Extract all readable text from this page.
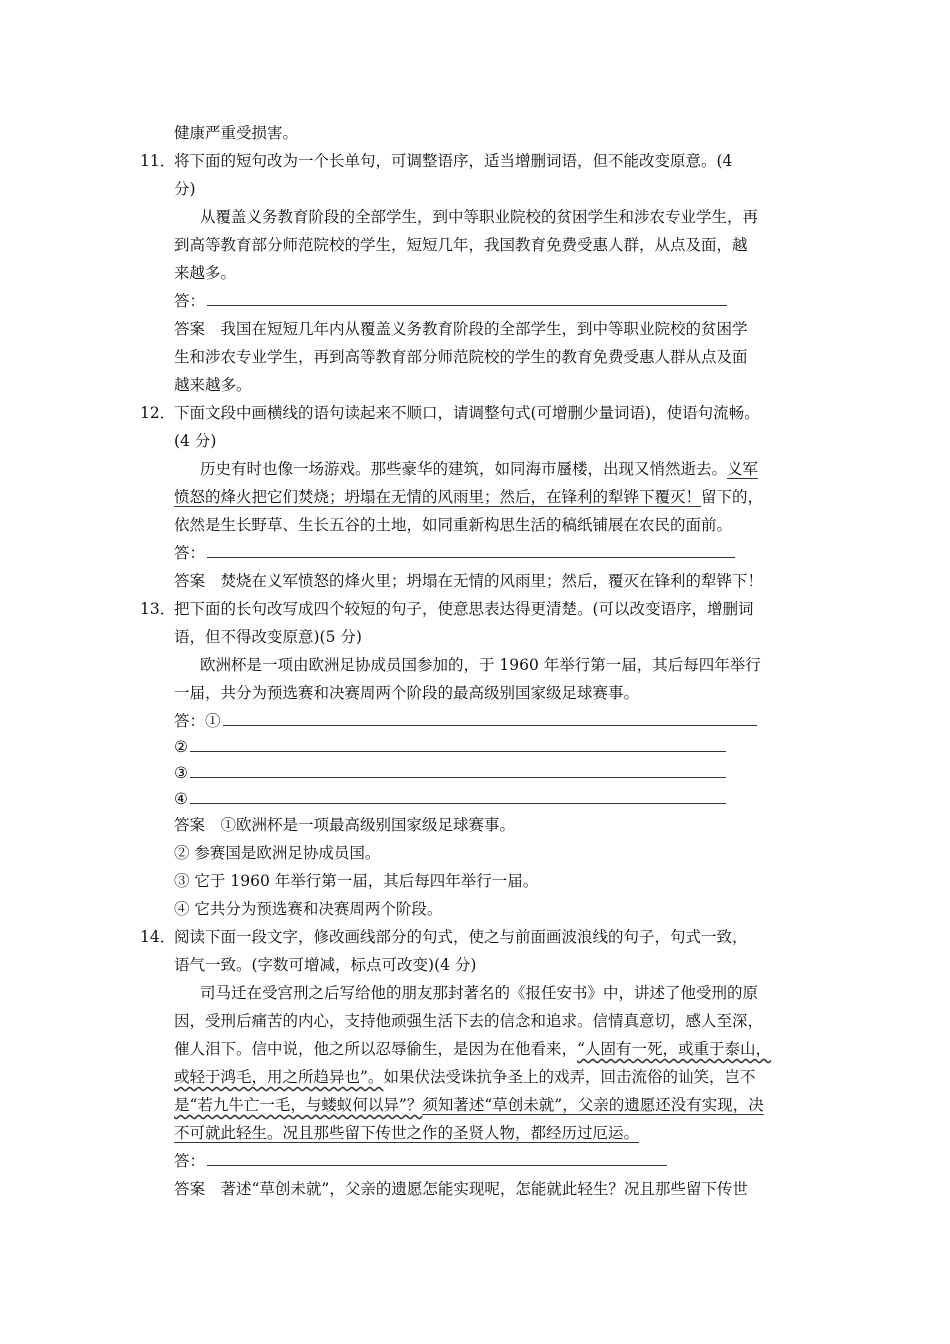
健康严重受损害。
11．
将下面的短句改为一个长单句，可调整语序，适当增删词语，但不能改变原意。(4
分)
从覆盖义务教育阶段的全部学生，到中等职业院校的贫困学生和涉农专业学生，再
到高等教育部分师范院校的学生，短短几年，我国教育免费受惠人群，从点及面，越
来越多。
答：
答案　我国在短短几年内从覆盖义务教育阶段的全部学生，到中等职业院校的贫困学
生和涉农专业学生，再到高等教育部分师范院校的学生的教育免费受惠人群从点及面
越来越多。
12．
下面文段中画横线的语句读起来不顺口，请调整句式(可增删少量词语)，使语句流畅。
(4 分)
历史有时也像一场游戏。那些豪华的建筑，如同海市蜃楼，出现又悄然逝去。义军
愤怒的烽火把它们焚烧；坍塌在无情的风雨里；然后，在锋利的犁铧下覆灭！留下的，
依然是生长野草、生长五谷的土地，如同重新构思生活的稿纸铺展在农民的面前。
答：
答案　焚烧在义军愤怒的烽火里；坍塌在无情的风雨里；然后，覆灭在锋利的犁铧下！
13．
把下面的长句改写成四个较短的句子，使意思表达得更清楚。(可以改变语序，增删词
语，但不得改变原意)(5 分)
欧洲杯是一项由欧洲足协成员国参加的，于 1960 年举行第一届，其后每四年举行
一届，共分为预选赛和决赛周两个阶段的最高级别国家级足球赛事。
答：①
②
③
④
答案　①欧洲杯是一项最高级别国家级足球赛事。
② 参赛国是欧洲足协成员国。
③ 它于 1960 年举行第一届，其后每四年举行一届。
④ 它共分为预选赛和决赛周两个阶段。
14．
阅读下面一段文字，修改画线部分的句式，使之与前面画波浪线的句子，句式一致，
语气一致。(字数可增减，标点可改变)(4 分)
司马迁在受宫刑之后写给他的朋友那封著名的《报任安书》中，讲述了他受刑的原
因，受刑后痛苦的内心，支持他顽强生活下去的信念和追求。信情真意切，感人至深，
催人泪下。信中说，他之所以忍辱偷生，是因为在他看来，“人固有一死，或重于泰山，
或轻于鸿毛，用之所趋异也”。如果伏法受诛抗争圣上的戏弄，回击流俗的讪笑，岂不
是“若九牛亡一毛，与蝼蚁何以异”？须知著述“草创未就”，父亲的遗愿还没有实现，决
不可就此轻生。况且那些留下传世之作的圣贤人物，都经历过厄运。
答：
答案　著述“草创未就”，父亲的遗愿怎能实现呢，怎能就此轻生？况且那些留下传世
